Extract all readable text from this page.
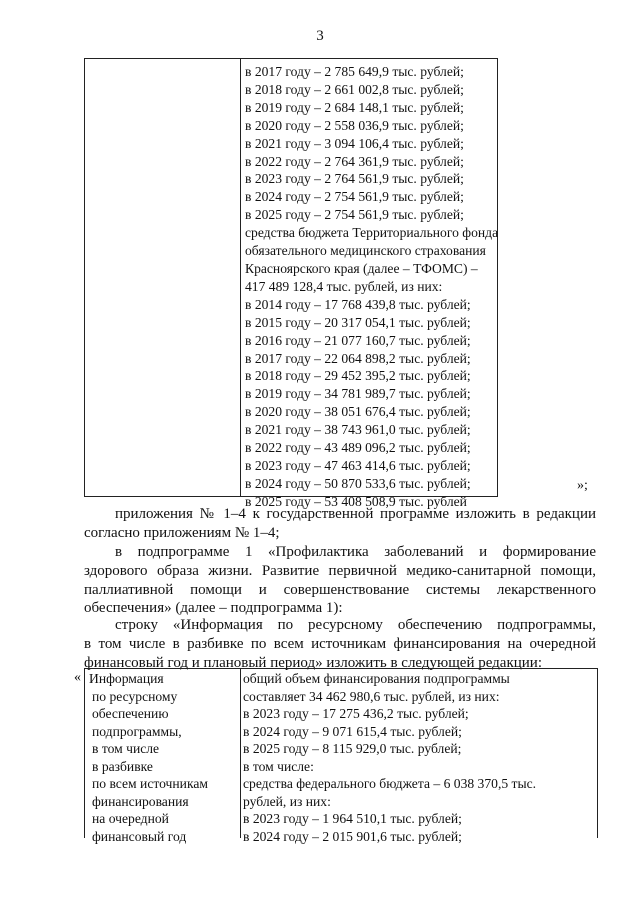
3
в 2017 году – 2 785 649,9 тыс. рублей;
в 2018 году – 2 661 002,8 тыс. рублей;
в 2019 году – 2 684 148,1 тыс. рублей;
в 2020 году – 2 558 036,9 тыс. рублей;
в 2021 году – 3 094 106,4 тыс. рублей;
в 2022 году – 2 764 361,9 тыс. рублей;
в 2023 году – 2 764 561,9 тыс. рублей;
в 2024 году – 2 754 561,9 тыс. рублей;
в 2025 году – 2 754 561,9 тыс. рублей;
средства бюджета Территориального фонда
обязательного медицинского страхования
Красноярского края (далее – ТФОМС) –
417 489 128,4 тыс. рублей, из них:
в 2014 году – 17 768 439,8 тыс. рублей;
в 2015 году – 20 317 054,1 тыс. рублей;
в 2016 году – 21 077 160,7 тыс. рублей;
в 2017 году – 22 064 898,2 тыс. рублей;
в 2018 году – 29 452 395,2 тыс. рублей;
в 2019 году – 34 781 989,7 тыс. рублей;
в 2020 году – 38 051 676,4 тыс. рублей;
в 2021 году – 38 743 961,0 тыс. рублей;
в 2022 году – 43 489 096,2 тыс. рублей;
в 2023 году – 47 463 414,6 тыс. рублей;
в 2024 году – 50 870 533,6 тыс. рублей;
в 2025 году – 53 408 508,9 тыс. рублей
»;
приложения № 1–4 к государственной программе изложить в редакции
согласно приложениям № 1–4;
в подпрограмме 1 «Профилактика заболеваний и формирование
здорового образа жизни. Развитие первичной медико-санитарной помощи,
паллиативной помощи и совершенствование системы лекарственного
обеспечения» (далее – подпрограмма 1):
строку «Информация по ресурсному обеспечению подпрограммы,
в том числе в разбивке по всем источникам финансирования на очередной
финансовый год и плановый период» изложить в следующей редакции:
« Информация
по ресурсному
обеспечению
подпрограммы,
в том числе
в разбивке
по всем источникам
финансирования
на очередной
финансовый год
общий объем финансирования подпрограммы
составляет 34 462 980,6 тыс. рублей, из них:
в 2023 году – 17 275 436,2 тыс. рублей;
в 2024 году – 9 071 615,4 тыс. рублей;
в 2025 году – 8 115 929,0 тыс. рублей;
в том числе:
средства федерального бюджета – 6 038 370,5 тыс.
рублей, из них:
в 2023 году – 1 964 510,1 тыс. рублей;
в 2024 году – 2 015 901,6 тыс. рублей;
